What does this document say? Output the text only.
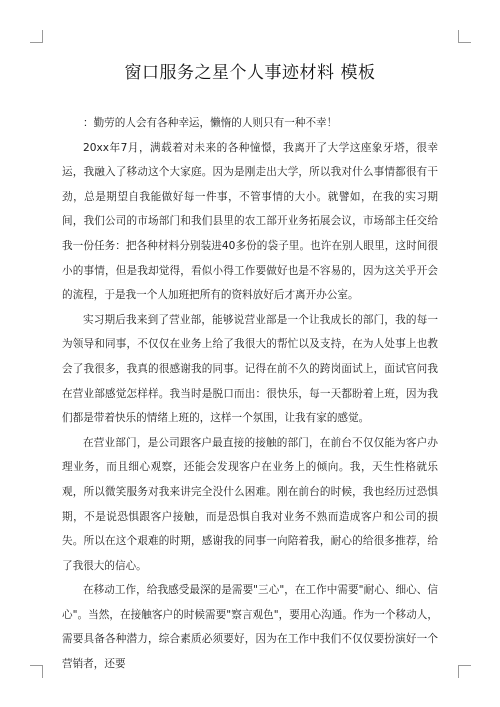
窗口服务之星个人事迹材料 模板

：勤劳的人会有各种幸运，懒惰的人则只有一种不幸！

20xx年7月，满载着对未来的各种憧憬，我离开了大学这座象牙塔，很幸运，我融入了移动这个大家庭。因为是刚走出大学，所以我对什么事情都很有干劲，总是期望自我能做好每一件事，不管事情的大小。就譬如，在我的实习期间，我们公司的市场部门和我们县里的农工部开业务拓展会议，市场部主任交给我一份任务：把各种材料分别装进40多份的袋子里。也许在别人眼里，这时间很小的事情，但是我却觉得，看似小得工作要做好也是不容易的，因为这关乎开会的流程，于是我一个人加班把所有的资料放好后才离开办公室。

实习期后我来到了营业部，能够说营业部是一个让我成长的部门，我的每一为领导和同事，不仅仅在业务上给了我很大的帮忙以及支持，在为人处事上也教会了我很多，我真的很感谢我的同事。记得在前不久的跨岗面试上，面试官问我在营业部感觉怎样样。我当时是脱口而出：很快乐，每一天都盼着上班，因为我们都是带着快乐的情绪上班的，这样一个氛围，让我有家的感觉。

在营业部门，是公司跟客户最直接的接触的部门，在前台不仅仅能为客户办理业务，而且细心观察，还能会发现客户在业务上的倾向。我，天生性格就乐观，所以微笑服务对我来讲完全没什么困难。刚在前台的时候，我也经历过恐惧期，不是说恐惧跟客户接触，而是恐惧自我对业务不熟而造成客户和公司的损失。所以在这个艰难的时期，感谢我的同事一向陪着我，耐心的给很多推荐，给了我很大的信心。

在移动工作，给我感受最深的是需要"三心"，在工作中需要"耐心、细心、信心"。当然，在接触客户的时候需要"察言观色"，要用心沟通。作为一个移动人，需要具备各种潜力，综合素质必须要好，因为在工作中我们不仅仅要扮演好一个营销者，还要
